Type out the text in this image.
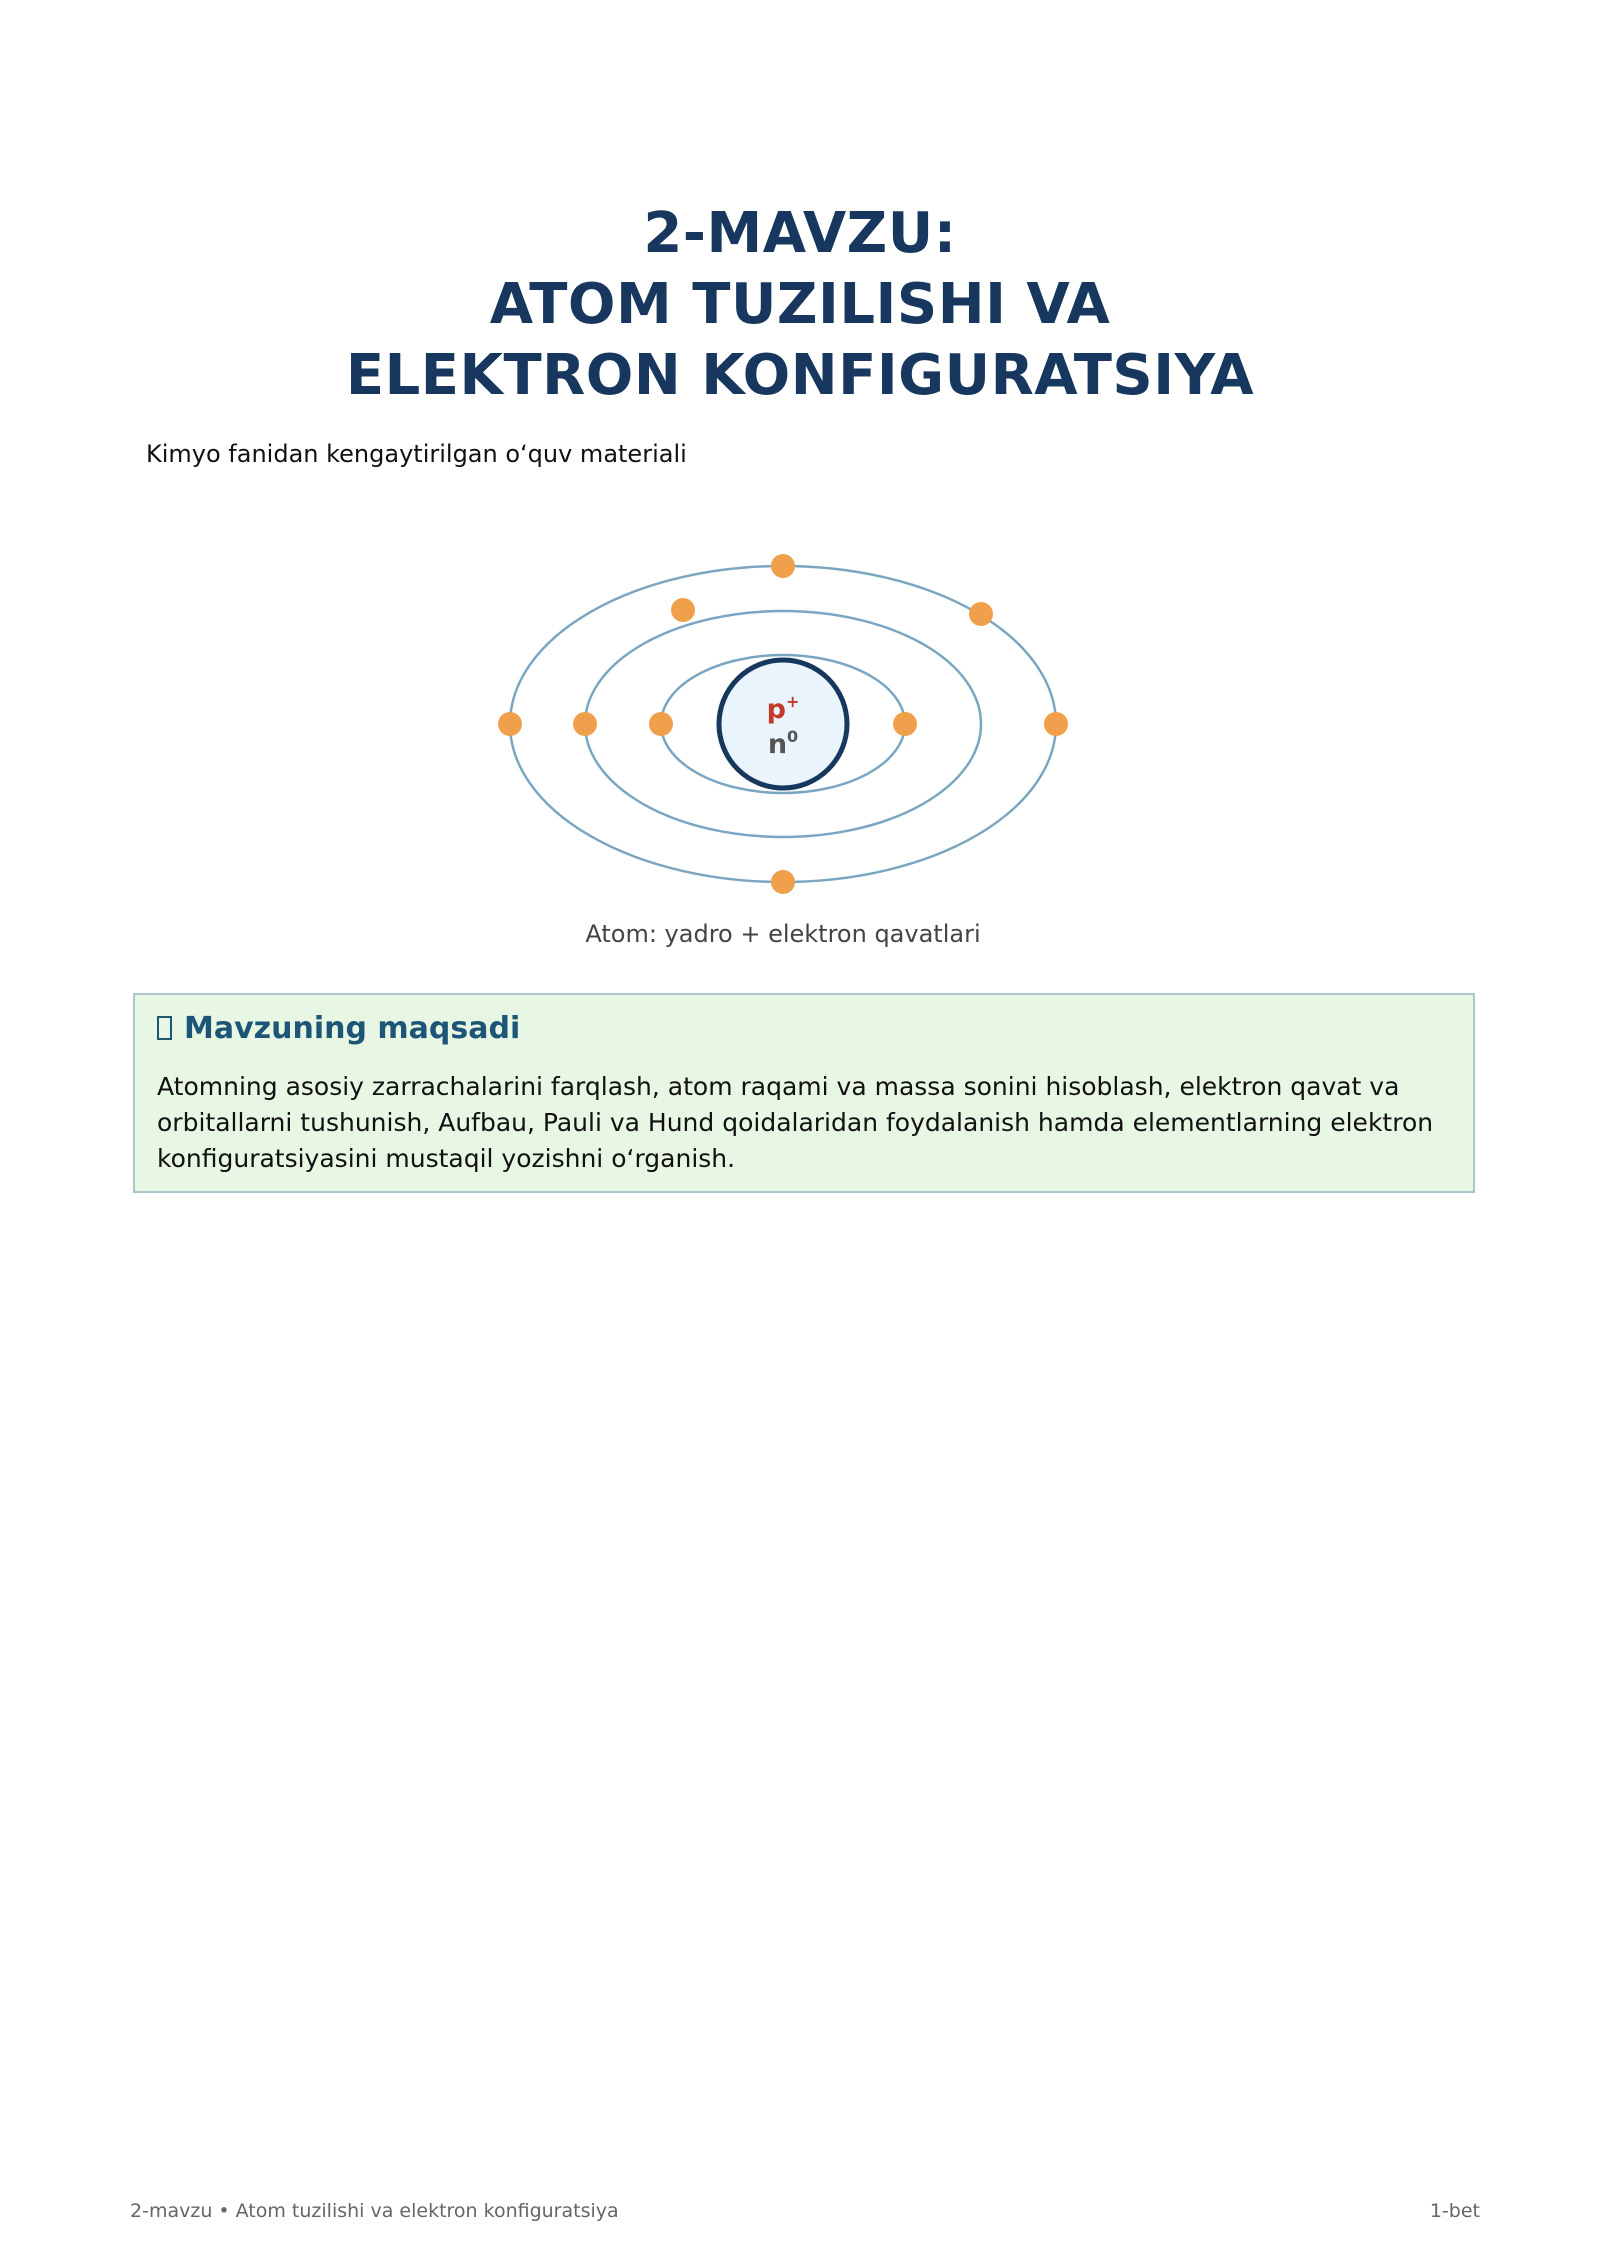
2-MAVZU:
ATOM TUZILISHI VA
ELEKTRON KONFIGURATSIYA
Kimyo fanidan kengaytirilgan o‘quv materiali
p+
$n^0$
Atom: yadro + elektron qavatlari
Mavzuning maqsadi
Atomning asosiy zarrachalarini farqlash, atom raqami va massa sonini hisoblash, elektron qavat va orbitallarni tushunish, Aufbau, Pauli va Hund qoidalaridan foydalanish hamda elementlarning elektron konfiguratsiyasini mustaqil yozishni o‘rganish.
2-mavzu • Atom tuzilishi va elektron konfiguratsiya	1-bet
